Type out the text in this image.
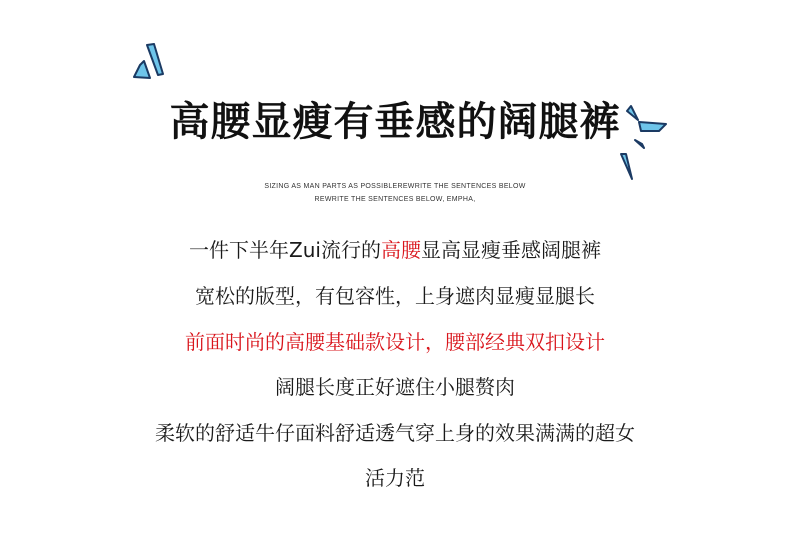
高腰显瘦有垂感的阔腿裤
SIZING AS MAN PARTS AS POSSIBLEREWRITE THE SENTENCES BELOW
REWRITE THE SENTENCES BELOW, EMPHA,
一件下半年Zui流行的高腰显高显瘦垂感阔腿裤
宽松的版型，有包容性，上身遮肉显瘦显腿长
前面时尚的高腰基础款设计，腰部经典双扣设计
阔腿长度正好遮住小腿赘肉
柔软的舒适牛仔面料舒适透气穿上身的效果满满的超女
活力范
